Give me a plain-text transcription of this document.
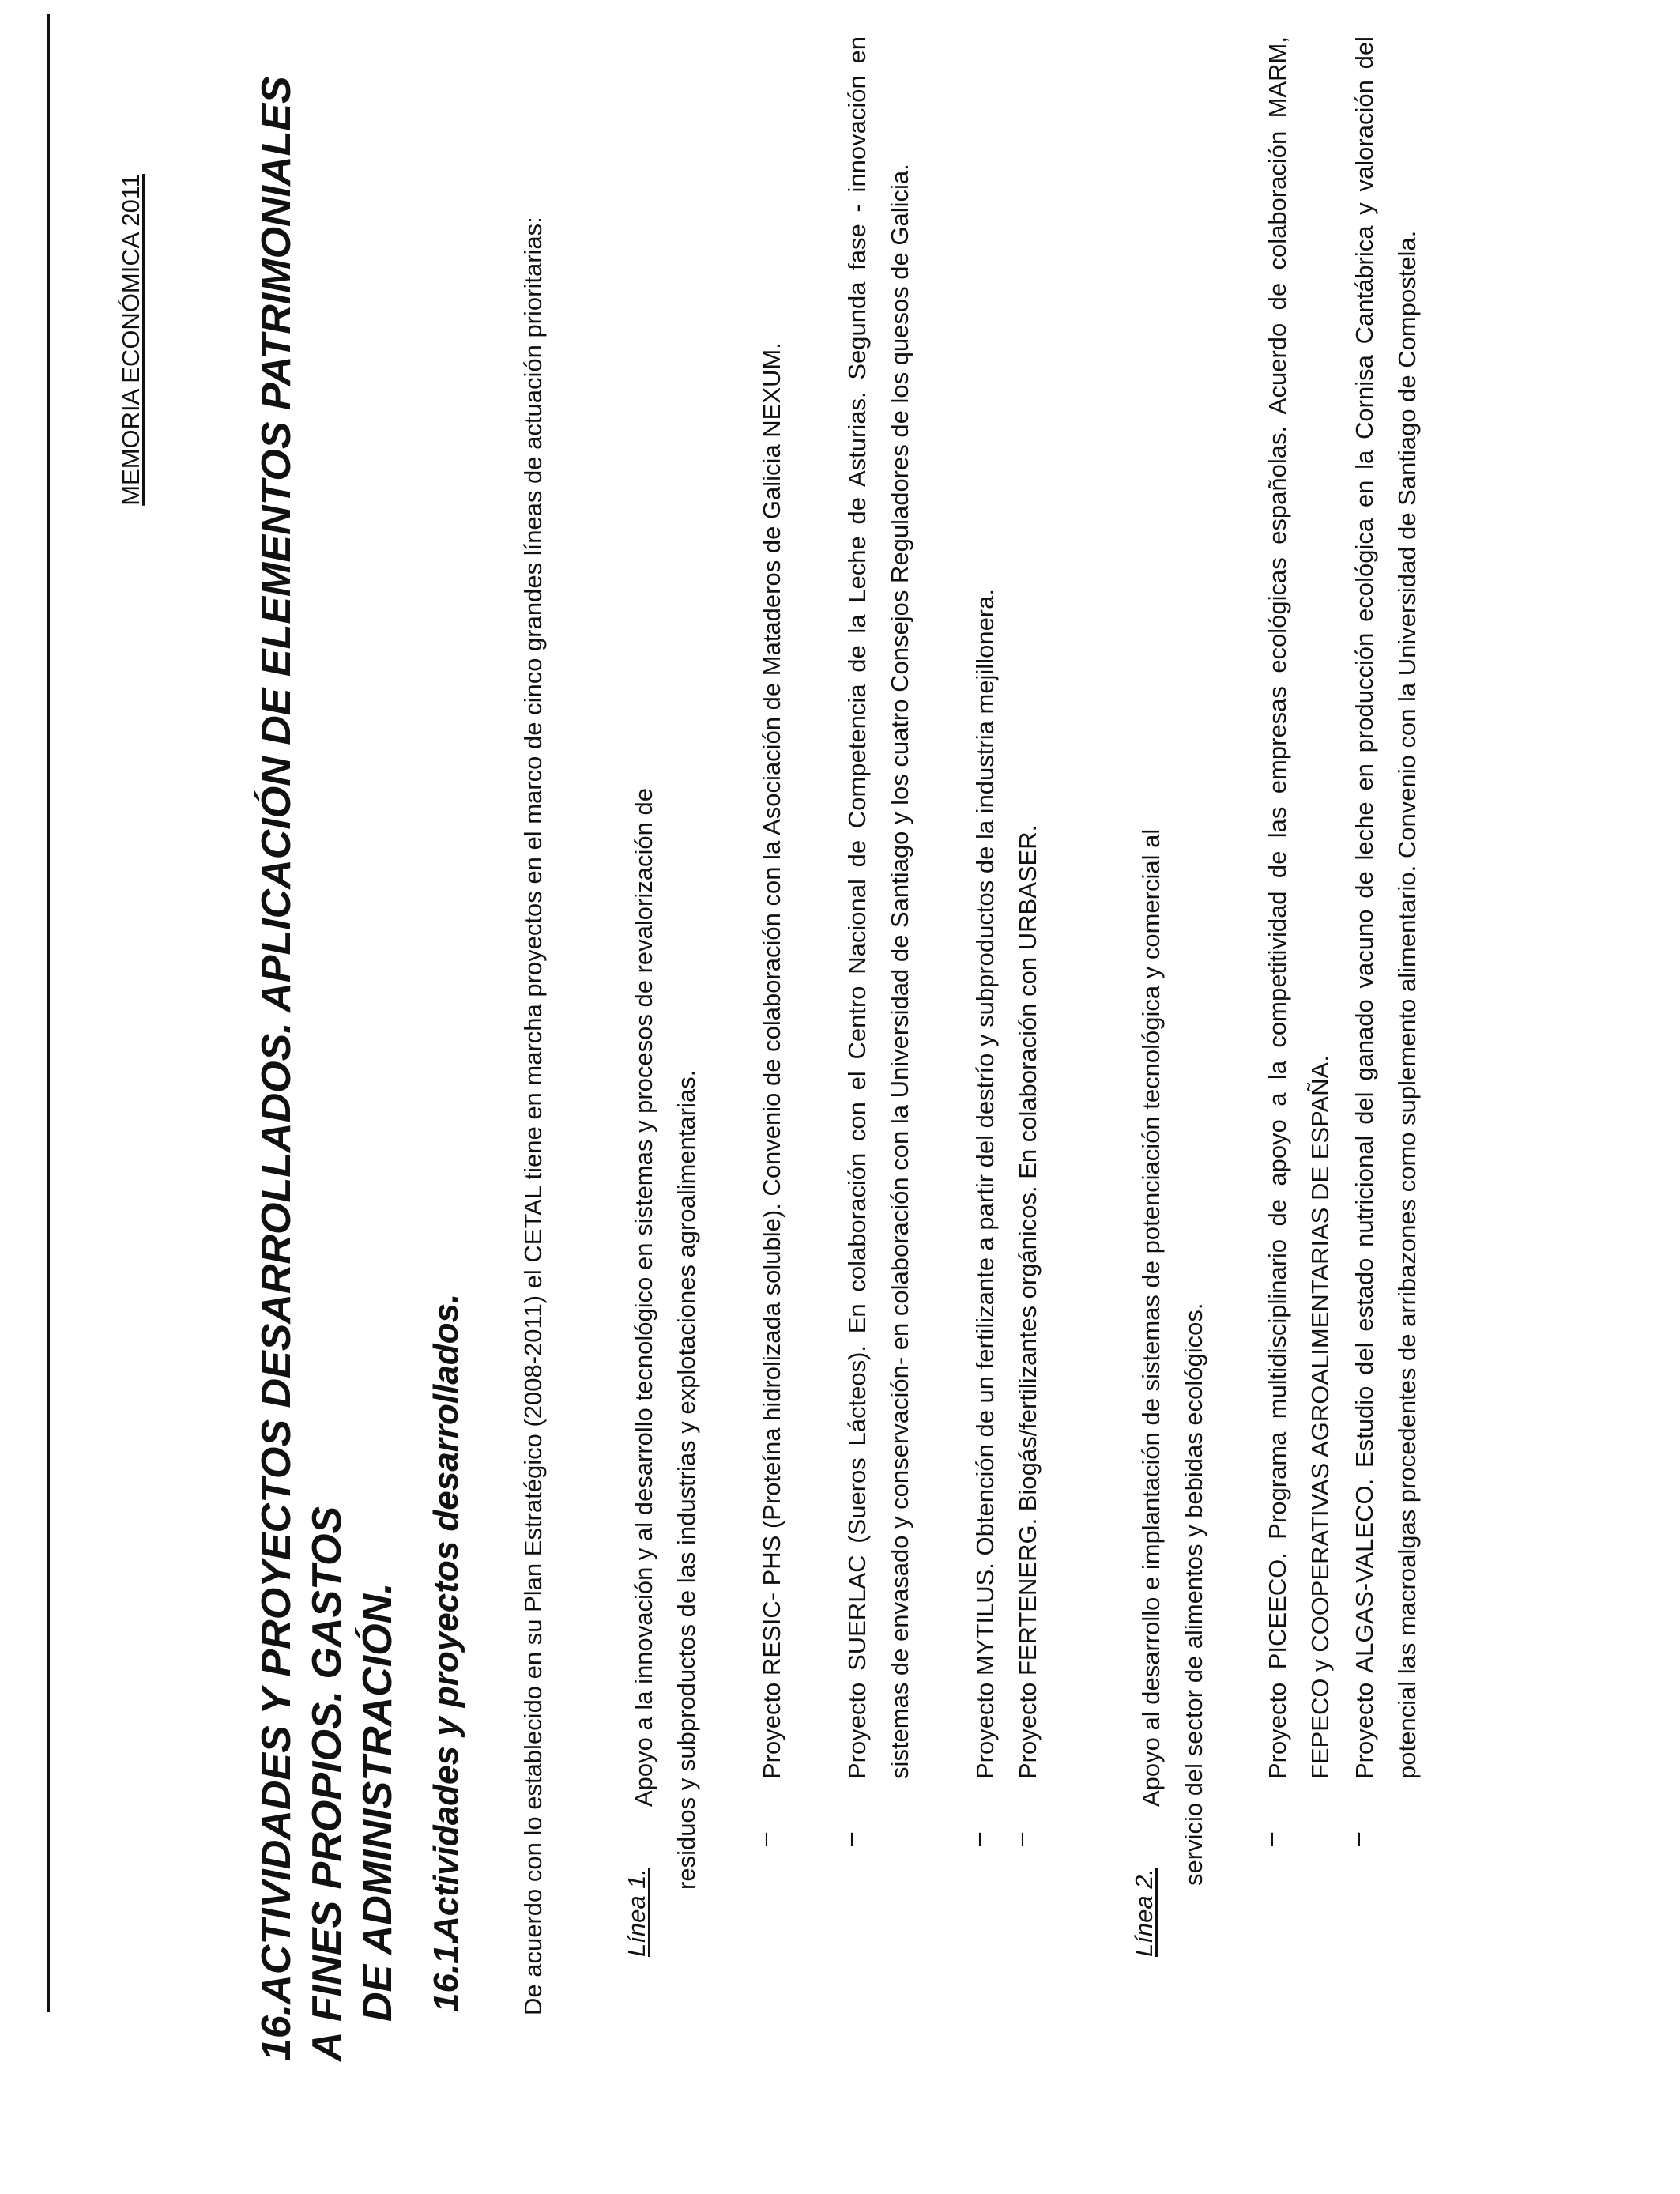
MEMORIA ECONÓMICA 2011
16.ACTIVIDADES Y PROYECTOS DESARROLLADOS. APLICACIÓN DE ELEMENTOS PATRIMONIALES A FINES PROPIOS. GASTOS DE ADMINISTRACIÓN. 16.1.
Actividades y proyectos desarrollados. De acuerdo con lo establecido en su Plan Estratégico (2008-2011) el CETAL tiene en marcha proyectos en el marco de cinco grandes líneas de actuación prioritarias:	Línea 1.
Apoyo a la innovación y al desarrollo tecnológico en sistemas y procesos de revalorización de residuos y subproductos de las industrias y explotaciones agroalimentarias.	–
Proyecto RESIC- PHS (Proteína hidrolizada soluble). Convenio de colaboración con la Asociación de Mataderos de Galicia NEXUM.
–
Proyecto SUERLAC (Sueros Lácteos). En colaboración con el Centro Nacional de Competencia de la Leche de Asturias. Segunda fase - innovación en sistemas de envasado y conservación- en colaboración con la Universidad de Santiago y los cuatro Consejos Reguladores de los quesos de Galicia.
–
Proyecto MYTILUS. Obtención de un fertilizante a partir del destrío y subproductos de la industria mejillonera.
–
Proyecto FERTENERG. Biogás/fertilizantes orgánicos. En colaboración con URBASER.
Línea 2.
Apoyo al desarrollo e implantación de sistemas de potenciación tecnológica y comercial al servicio del sector de alimentos y bebidas ecológicos.	–
Proyecto PICEECO. Programa multidisciplinario de apoyo a la competitividad de las empresas ecológicas españolas. Acuerdo de colaboración MARM, FEPECO y COOPERATIVAS AGROALIMENTARIAS DE ESPAÑA.
–
Proyecto ALGAS-VALECO. Estudio del estado nutricional del ganado vacuno de leche en producción ecológica en la Cornisa Cantábrica y valoración del potencial las macroalgas procedentes de arribazones como suplemento alimentario. Convenio con la Universidad de Santiago de Compostela.
